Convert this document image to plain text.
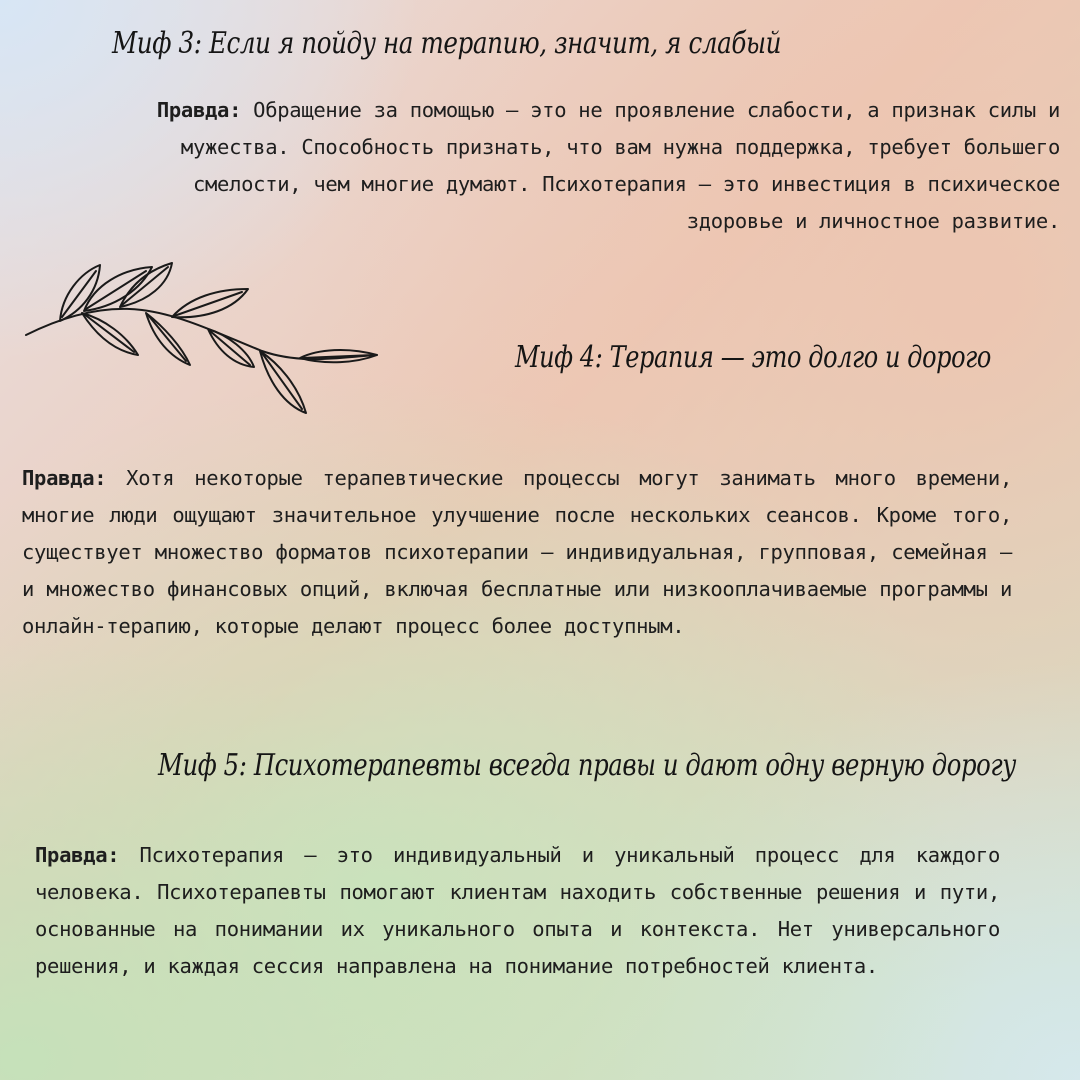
Миф 3: Если я пойду на терапию, значит, я слабый

Правда: Обращение за помощью – это не проявление слабости, а признак силы и мужества. Способность признать, что вам нужна поддержка, требует большего смелости, чем многие думают. Психотерапия – это инвестиция в психическое здоровье и личностное развитие.

Миф 4: Терапия — это долго и дорого

Правда: Хотя некоторые терапевтические процессы могут занимать много времени, многие люди ощущают значительное улучшение после нескольких сеансов. Кроме того, существует множество форматов психотерапии — индивидуальная, групповая, семейная — и множество финансовых опций, включая бесплатные или низкооплачиваемые программы и онлайн-терапию, которые делают процесс более доступным.

Миф 5: Психотерапевты всегда правы и дают одну верную дорогу

Правда: Психотерапия — это индивидуальный и уникальный процесс для каждого человека. Психотерапевты помогают клиентам находить собственные решения и пути, основанные на понимании их уникального опыта и контекста. Нет универсального решения, и каждая сессия направлена на понимание потребностей клиента.
